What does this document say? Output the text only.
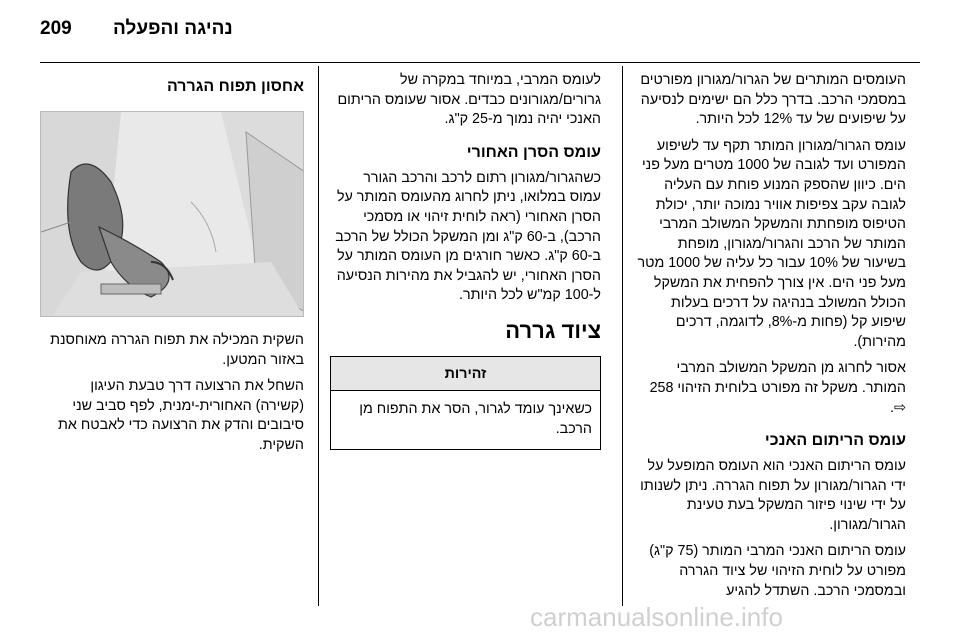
209 נהיגה והפעלה

העומסים המותרים של הגרור/מגורון מפורטים במסמכי הרכב. בדרך כלל הם ישימים לנסיעה על שיפועים של עד 12% לכל היותר.

עומס הגרור/מגורון המותר תקף עד לשיפוע המפורט ועד לגובה של 1000 מטרים מעל פני הים. כיוון שהספק המנוע פוחת עם העליה לגובה עקב צפיפות אוויר נמוכה יותר, יכולת הטיפוס מופחתת והמשקל המשולב המרבי המותר של הרכב והגרור/מגורון, מופחת בשיעור של 10% עבור כל עליה של 1000 מטר מעל פני הים. אין צורך להפחית את המשקל הכולל המשולב בנהיגה על דרכים בעלות שיפוע קל (פחות מ-8%, לדוגמה, דרכים מהירות).

אסור לחרוג מן המשקל המשולב המרבי המותר. משקל זה מפורט בלוחית הזיהוי 258 ⇨.

עומס הריתום האנכי

עומס הריתום האנכי הוא העומס המופעל על ידי הגרור/מגורון על תפוח הגררה. ניתן לשנותו על ידי שינוי פיזור המשקל בעת טעינת הגרור/מגורון.

עומס הריתום האנכי המרבי המותר (75 ק"ג) מפורט על לוחית הזיהוי של ציוד הגררה ובמסמכי הרכב. השתדל להגיע

לעומס המרבי, במיוחד במקרה של גרורים/מגורונים כבדים. אסור שעומס הריתום האנכי יהיה נמוך מ-25 ק"ג.

עומס הסרן האחורי

כשהגרור/מגורון רתום לרכב והרכב הגורר עמוס במלואו, ניתן לחרוג מהעומס המותר על הסרן האחורי (ראה לוחית זיהוי או מסמכי הרכב), ב-60 ק"ג ומן המשקל הכולל של הרכב ב-60 ק"ג. כאשר חורגים מן העומס המותר על הסרן האחורי, יש להגביל את מהירות הנסיעה ל-100 קמ"ש לכל היותר.

ציוד גררה
זהירות
כשאינך עומד לגרור, הסר את התפוח מן הרכב.
אחסון תפוח הגררה

השקית המכילה את תפוח הגררה מאוחסנת באזור המטען.

השחל את הרצועה דרך טבעת העיגון (קשירה) האחורית-ימנית, לפף סביב שני סיבובים והדק את הרצועה כדי לאבטח את השקית.

carmanualsonline.info
